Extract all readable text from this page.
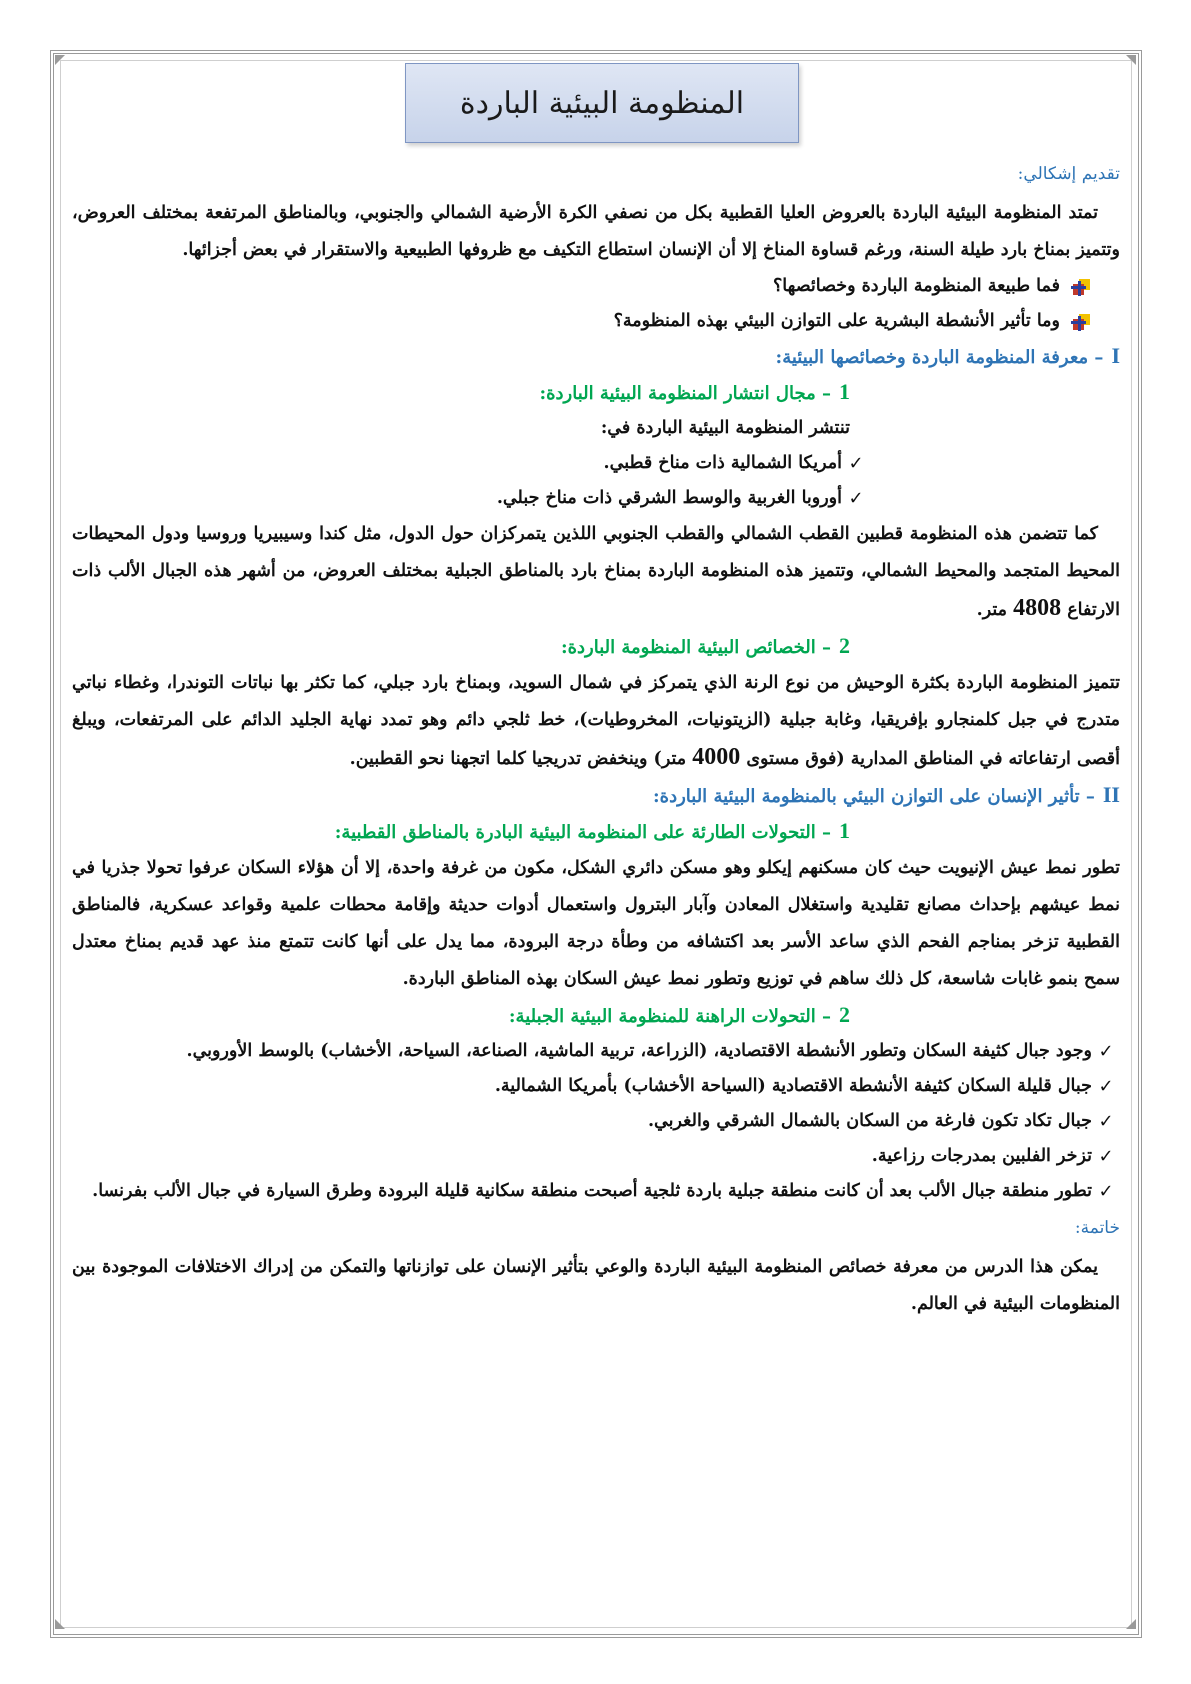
المنظومة البيئية الباردة
تقديم إشكالي:

تمتد المنظومة البيئية الباردة بالعروض العليا القطبية بكل من نصفي الكرة الأرضية الشمالي والجنوبي، وبالمناطق المرتفعة بمختلف العروض، وتتميز بمناخ بارد طيلة السنة، ورغم قساوة المناخ إلا أن الإنسان استطاع التكيف مع ظروفها الطبيعية والاستقرار في بعض أجزائها.

فما طبيعة المنظومة الباردة وخصائصها؟
وما تأثير الأنشطة البشرية على التوازن البيئي بهذه المنظومة؟
I– معرفة المنظومة الباردة وخصائصها البيئية:
1– مجال انتشار المنظومة البيئية الباردة:
تنتشر المنظومة البيئية الباردة في:
✓
أمريكا الشمالية ذات مناخ قطبي.
✓
أوروبا الغربية والوسط الشرقي ذات مناخ جبلي.

كما تتضمن هذه المنظومة قطبين القطب الشمالي والقطب الجنوبي اللذين يتمركزان حول الدول، مثل كندا وسيبيريا وروسيا ودول المحيطات المحيط المتجمد والمحيط الشمالي، وتتميز هذه المنظومة الباردة بمناخ بارد بالمناطق الجبلية بمختلف العروض، من أشهر هذه الجبال الألب ذات الارتفاع 4808 متر.

2– الخصائص البيئية المنظومة الباردة:

تتميز المنظومة الباردة بكثرة الوحيش من نوع الرنة الذي يتمركز في شمال السويد، وبمناخ بارد جبلي، كما تكثر بها نباتات التوندرا، وغطاء نباتي متدرج في جبل كلمنجارو بإفريقيا، وغابة جبلية (الزيتونيات، المخروطيات)، خط ثلجي دائم وهو تمدد نهاية الجليد الدائم على المرتفعات، ويبلغ أقصى ارتفاعاته في المناطق المدارية (فوق مستوى 4000 متر) وينخفض تدريجيا كلما اتجهنا نحو القطبين.

II– تأثير الإنسان على التوازن البيئي بالمنظومة البيئية الباردة:
1– التحولات الطارئة على المنظومة البيئية البادرة بالمناطق القطبية:

تطور نمط عيش الإنيويت حيث كان مسكنهم إيكلو وهو مسكن دائري الشكل، مكون من غرفة واحدة، إلا أن هؤلاء السكان عرفوا تحولا جذريا في نمط عيشهم بإحداث مصانع تقليدية واستغلال المعادن وآبار البترول واستعمال أدوات حديثة وإقامة محطات علمية وقواعد عسكرية، فالمناطق القطبية تزخر بمناجم الفحم الذي ساعد الأسر بعد اكتشافه من وطأة درجة البرودة، مما يدل على أنها كانت تتمتع منذ عهد قديم بمناخ معتدل سمح بنمو غابات شاسعة، كل ذلك ساهم في توزيع وتطور نمط عيش السكان بهذه المناطق الباردة.

2– التحولات الراهنة للمنظومة البيئية الجبلية:
✓
وجود جبال كثيفة السكان وتطور الأنشطة الاقتصادية، (الزراعة، تربية الماشية، الصناعة، السياحة، الأخشاب) بالوسط الأوروبي.
✓
جبال قليلة السكان كثيفة الأنشطة الاقتصادية (السياحة الأخشاب) بأمريكا الشمالية.
✓
جبال تكاد تكون فارغة من السكان بالشمال الشرقي والغربي.
✓
تزخر الفلبين بمدرجات رزاعية.
✓
تطور منطقة جبال الألب بعد أن كانت منطقة جبلية باردة ثلجية أصبحت منطقة سكانية قليلة البرودة وطرق السيارة في جبال الألب بفرنسا.
خاتمة:

يمكن هذا الدرس من معرفة خصائص المنظومة البيئية الباردة والوعي بتأثير الإنسان على توازناتها والتمكن من إدراك الاختلافات الموجودة بين المنظومات البيئية في العالم.
